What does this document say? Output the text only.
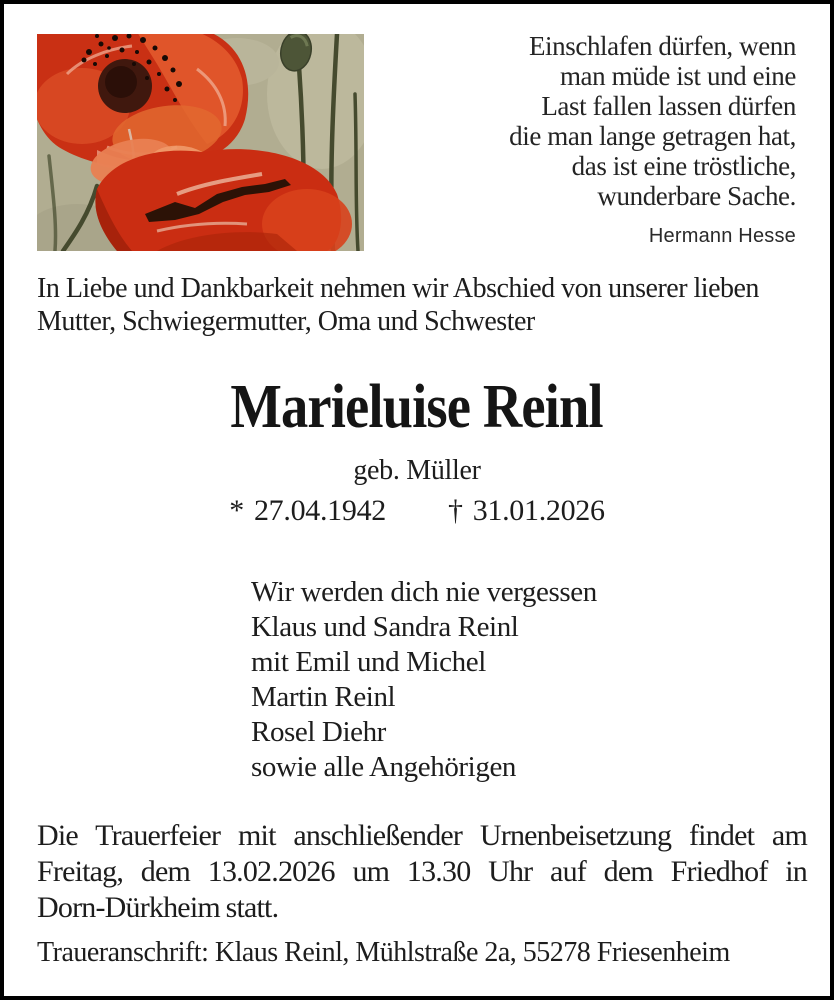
Einschlafen dürfen, wenn
man müde ist und eine
Last fallen lassen dürfen
die man lange getragen hat,
das ist eine tröstliche,
wunderbare Sache.
Hermann Hesse
In Liebe und Dankbarkeit nehmen wir Abschied von unserer lieben
Mutter, Schwiegermutter, Oma und Schwester
Marieluise Reinl
geb. Müller
* 27.04.1942 † 31.01.2026
Wir werden dich nie vergessen
Klaus und Sandra Reinl
mit Emil und Michel
Martin Reinl
Rosel Diehr
sowie alle Angehörigen
Die Trauerfeier mit anschließender Urnenbeisetzung findet am
Freitag, dem 13.02.2026 um 13.30 Uhr auf dem Friedhof in
Dorn-Dürkheim statt.
Traueranschrift: Klaus Reinl, Mühlstraße 2a, 55278 Friesenheim
